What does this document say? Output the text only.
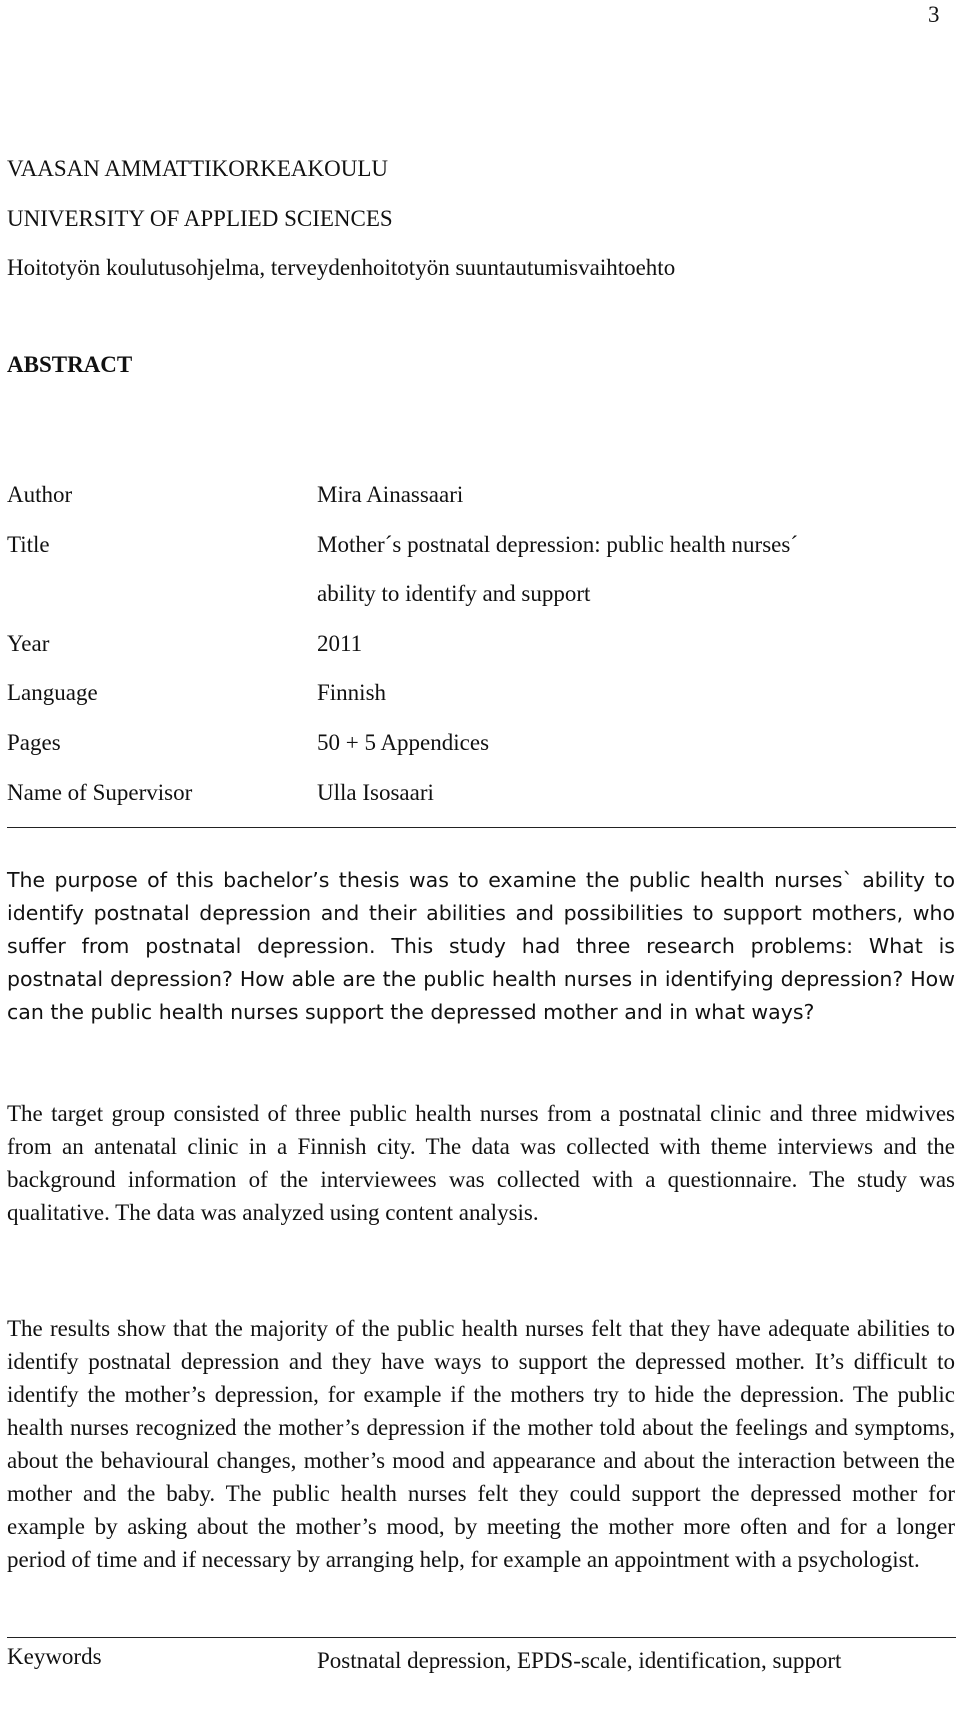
3
VAASAN AMMATTIKORKEAKOULU
UNIVERSITY OF APPLIED SCIENCES
Hoitotyön koulutusohjelma, terveydenhoitotyön suuntautumisvaihtoehto
ABSTRACT
Author	Mira Ainassaari
Title	Mother´s postnatal depression: public health nurses´
ability to identify and support
Year	2011
Language	Finnish
Pages	50 + 5 Appendices
Name of Supervisor	Ulla Isosaari

The purpose of this bachelor’s thesis was to examine the public health nurses` ability to identify postnatal depression and their abilities and possibilities to support mothers, who suffer from postnatal depression. This study had three research problems: What is postnatal depression? How able are the public health nurses in identifying depression? How can the public health nurses support the depressed mother and in what ways?

The target group consisted of three public health nurses from a postnatal clinic and three midwives from an antenatal clinic in a Finnish city. The data was collected with theme interviews and the background information of the interviewees was collected with a questionnaire. The study was qualitative. The data was analyzed using content analysis.

The results show that the majority of the public health nurses felt that they have adequate abilities to identify postnatal depression and they have ways to support the depressed mother. It’s difficult to identify the mother’s depression, for example if the mothers try to hide the depression. The public health nurses recognized the mother’s depression if the mother told about the feelings and symptoms, about the behavioural changes, mother’s mood and appearance and about the interaction between the mother and the baby. The public health nurses felt they could support the depressed mother for example by asking about the mother’s mood, by meeting the mother more often and for a longer period of time and if necessary by arranging help, for example an appointment with a psychologist.

Keywords	Postnatal depression, EPDS-scale, identification, support
